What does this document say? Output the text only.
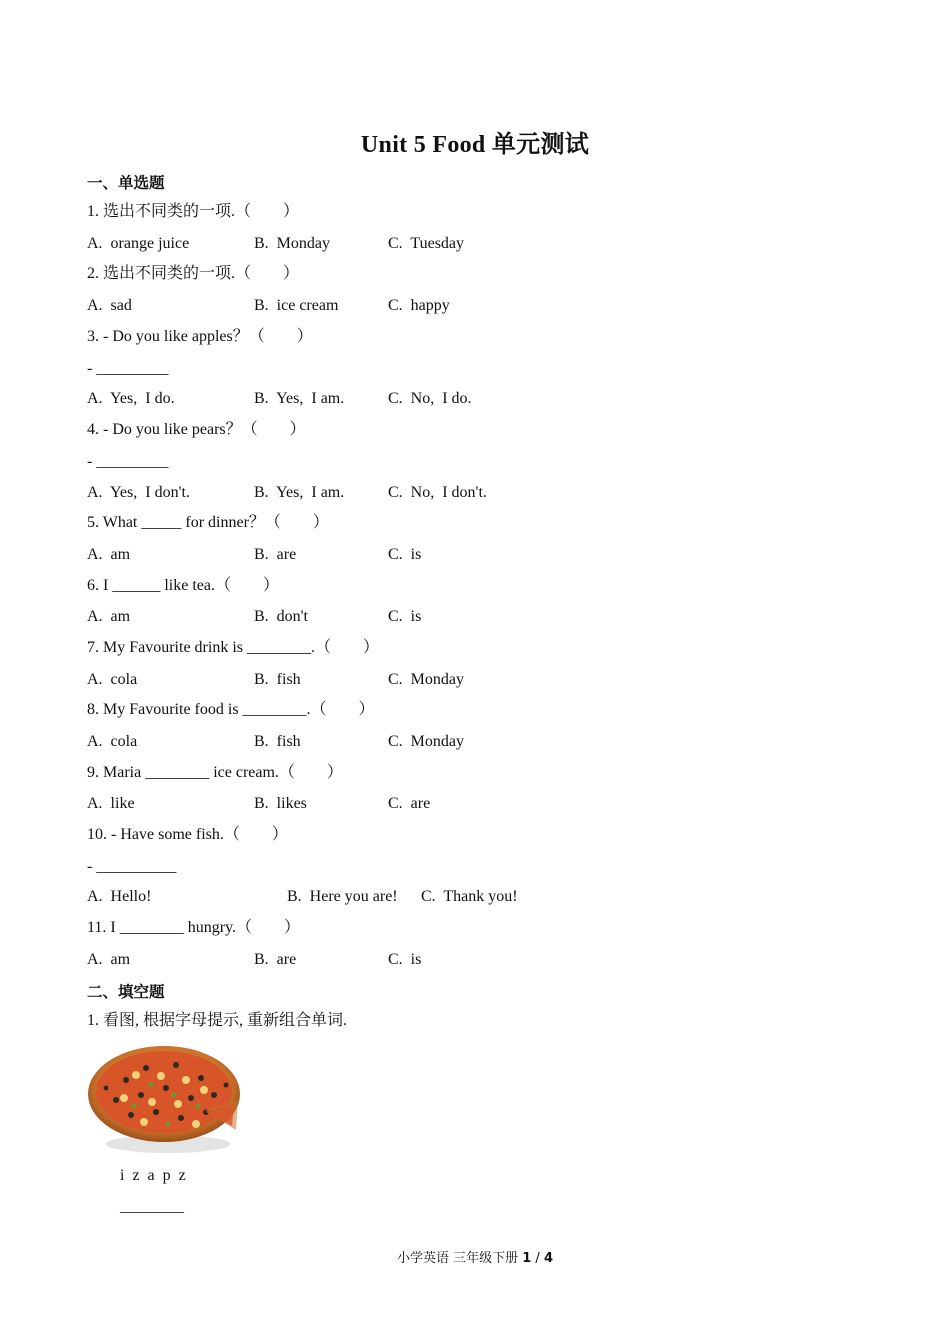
Unit 5 Food 单元测试
一、单选题
1. 选出不同类的一项.（　　）

A.  orange juice

	B.  Monday

	C.  Tuesday

2. 选出不同类的一项.（　　）

A.  sad

	B.  ice cream

	C.  happy

3. - Do you like apples？（　　）
- _________

A.  Yes,  I do.

	B.  Yes,  I am.

	C.  No,  I do.

4. - Do you like pears？（　　）
- _________

A.  Yes,  I don't.

	B.  Yes,  I am.

	C.  No,  I don't.

5. What _____ for dinner？（　　）

A.  am

	B.  are

	C.  is

6. I ______ like tea.（　　）

A.  am

	B.  don't

	C.  is

7. My Favourite drink is ________.（　　）

A.  cola

	B.  fish

	C.  Monday

8. My Favourite food is ________.（　　）

A.  cola

	B.  fish

	C.  Monday

9. Maria ________ ice cream.（　　）

A.  like

	B.  likes

	C.  are

10. - Have some fish.（　　）
- __________

A.  Hello!

	B.  Here you are!

C.  Thank you!

11. I ________ hungry.（　　）

A.  am

	B.  are

	C.  is

二、填空题
1. 看图, 根据字母提示, 重新组合单词.
i z a p z
________
小学英语 三年级下册 1 / 4
